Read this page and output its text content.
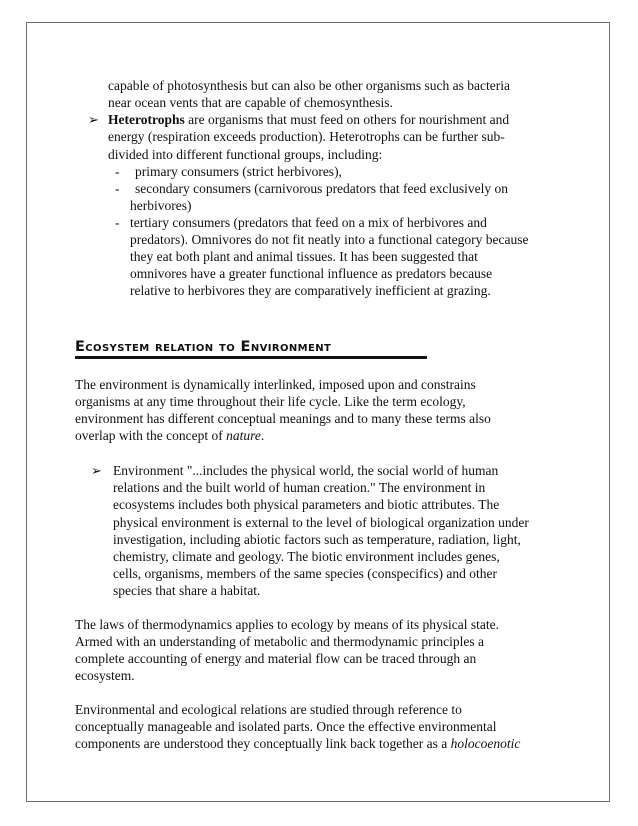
capable of photosynthesis but can also be other organisms such as bacteria
near ocean vents that are capable of chemosynthesis.
➢ Heterotrophs are organisms that must feed on others for nourishment and
energy (respiration exceeds production). Heterotrophs can be further sub-
divided into different functional groups, including:
- primary consumers (strict herbivores),
- secondary consumers (carnivorous predators that feed exclusively on
herbivores)
- tertiary consumers (predators that feed on a mix of herbivores and
predators). Omnivores do not fit neatly into a functional category because
they eat both plant and animal tissues. It has been suggested that
omnivores have a greater functional influence as predators because
relative to herbivores they are comparatively inefficient at grazing.
Ecosystem relation to Environment
The environment is dynamically interlinked, imposed upon and constrains
organisms at any time throughout their life cycle. Like the term ecology,
environment has different conceptual meanings and to many these terms also
overlap with the concept of nature.
➢ Environment "...includes the physical world, the social world of human
relations and the built world of human creation." The environment in
ecosystems includes both physical parameters and biotic attributes. The
physical environment is external to the level of biological organization under
investigation, including abiotic factors such as temperature, radiation, light,
chemistry, climate and geology. The biotic environment includes genes,
cells, organisms, members of the same species (conspecifics) and other
species that share a habitat.
The laws of thermodynamics applies to ecology by means of its physical state.
Armed with an understanding of metabolic and thermodynamic principles a
complete accounting of energy and material flow can be traced through an
ecosystem.
Environmental and ecological relations are studied through reference to
conceptually manageable and isolated parts. Once the effective environmental
components are understood they conceptually link back together as a holocoenotic
